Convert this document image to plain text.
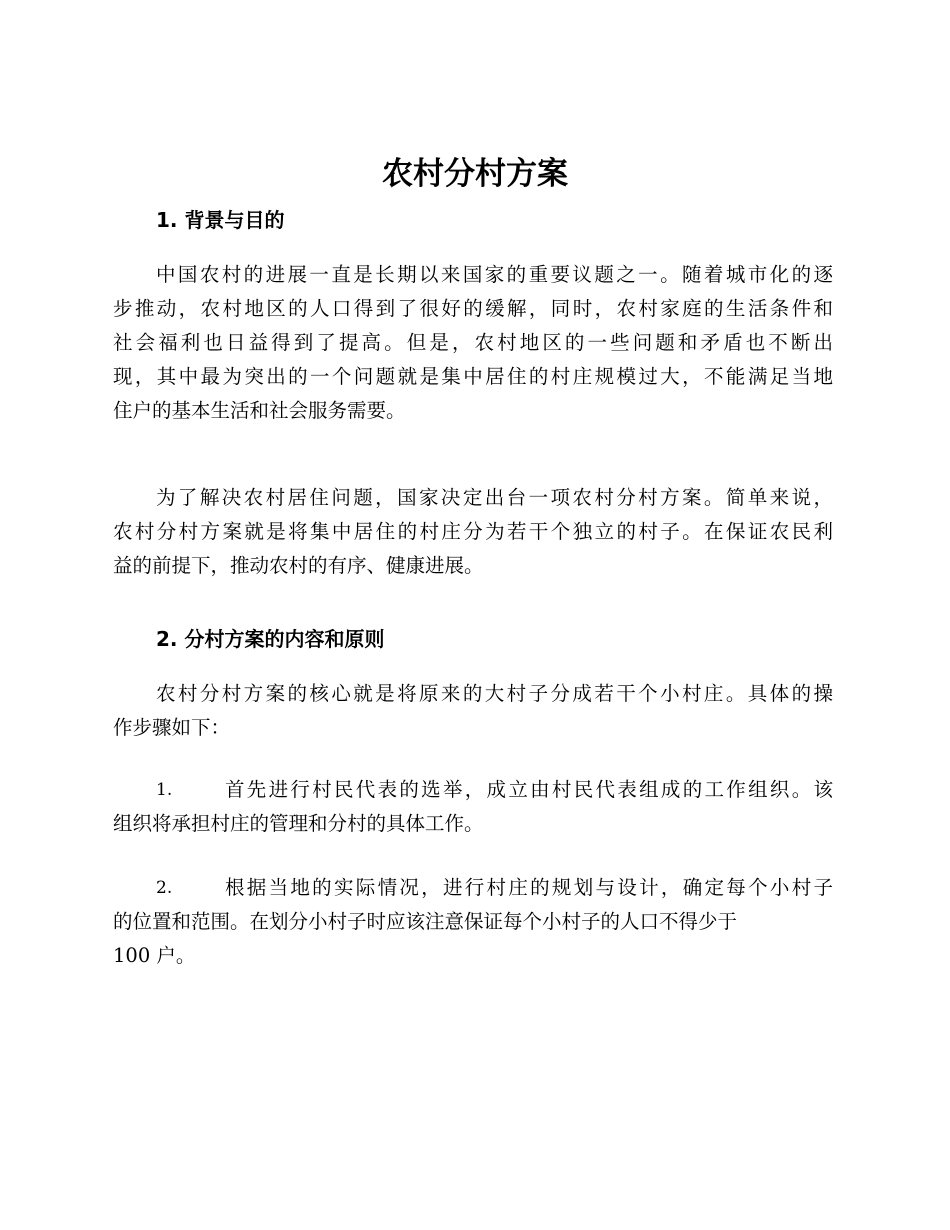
农村分村方案
1. 背景与目的
中国农村的进展一直是长期以来国家的重要议题之一。随着城市化的逐
步推动，农村地区的人口得到了很好的缓解，同时，农村家庭的生活条件和
社会福利也日益得到了提高。但是，农村地区的一些问题和矛盾也不断出
现，其中最为突出的一个问题就是集中居住的村庄规模过大，不能满足当地
住户的基本生活和社会服务需要。
为了解决农村居住问题，国家决定出台一项农村分村方案。简单来说，
农村分村方案就是将集中居住的村庄分为若干个独立的村子。在保证农民利
益的前提下，推动农村的有序、健康进展。
2. 分村方案的内容和原则
农村分村方案的核心就是将原来的大村子分成若干个小村庄。具体的操
作步骤如下：
1.	首先进行村民代表的选举，成立由村民代表组成的工作组织。该
组织将承担村庄的管理和分村的具体工作。
2.	根据当地的实际情况，进行村庄的规划与设计，确定每个小村子
的位置和范围。在划分小村子时应该注意保证每个小村子的人口不得少于
100 户。
